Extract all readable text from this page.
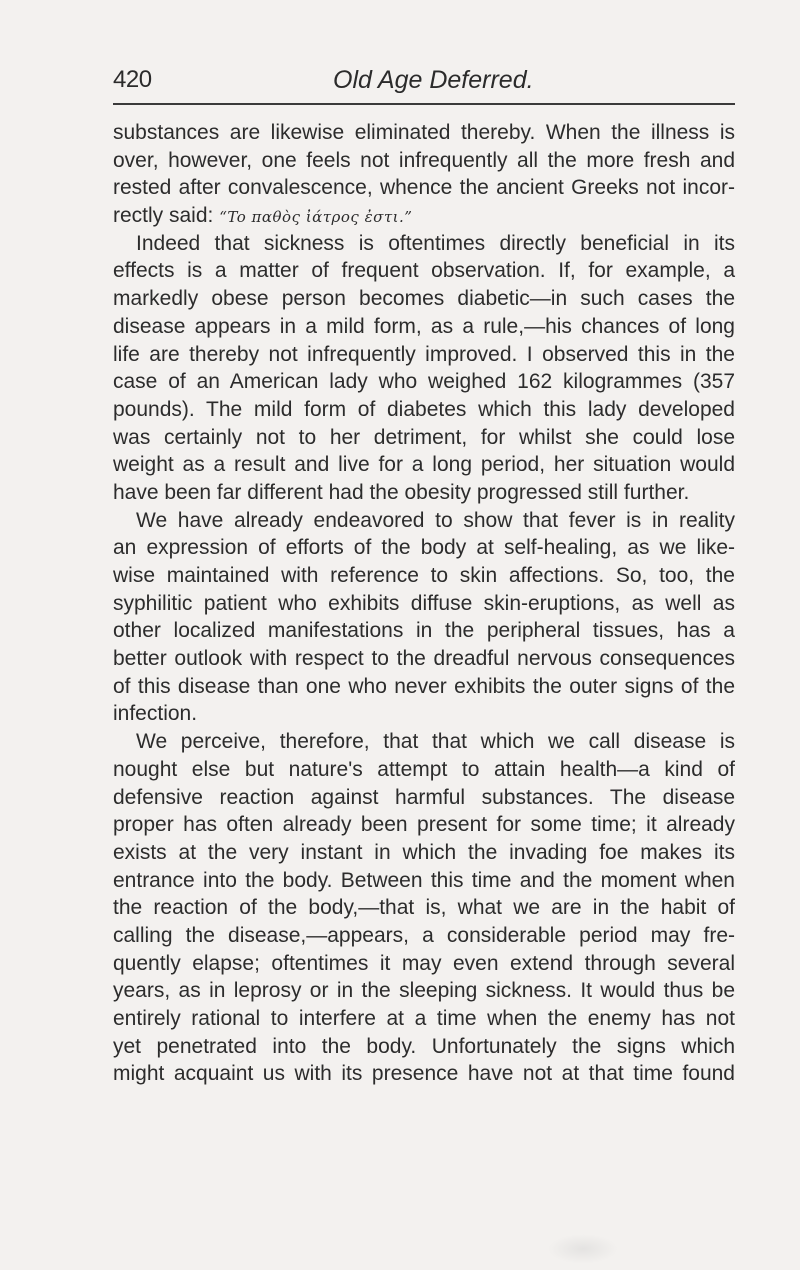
420	Old Age Deferred.
substances are likewise eliminated thereby. When the illness is
over, however, one feels not infrequently all the more fresh and
rested after convalescence, whence the ancient Greeks not incor-
rectly said: “To παθὸς ἰάτρος ἐστι.”
Indeed that sickness is oftentimes directly beneficial in its
effects is a matter of frequent observation. If, for example, a
markedly obese person becomes diabetic—in such cases the
disease appears in a mild form, as a rule,—his chances of long
life are thereby not infrequently improved. I observed this in the
case of an American lady who weighed 162 kilogrammes (357
pounds). The mild form of diabetes which this lady developed
was certainly not to her detriment, for whilst she could lose
weight as a result and live for a long period, her situation would
have been far different had the obesity progressed still further.
We have already endeavored to show that fever is in reality
an expression of efforts of the body at self-healing, as we like-
wise maintained with reference to skin affections. So, too, the
syphilitic patient who exhibits diffuse skin-eruptions, as well as
other localized manifestations in the peripheral tissues, has a
better outlook with respect to the dreadful nervous consequences
of this disease than one who never exhibits the outer signs of the
infection.
We perceive, therefore, that that which we call disease is
nought else but nature's attempt to attain health—a kind of
defensive reaction against harmful substances. The disease
proper has often already been present for some time; it already
exists at the very instant in which the invading foe makes its
entrance into the body. Between this time and the moment when
the reaction of the body,—that is, what we are in the habit of
calling the disease,—appears, a considerable period may fre-
quently elapse; oftentimes it may even extend through several
years, as in leprosy or in the sleeping sickness. It would thus be
entirely rational to interfere at a time when the enemy has not
yet penetrated into the body. Unfortunately the signs which
might acquaint us with its presence have not at that time found
